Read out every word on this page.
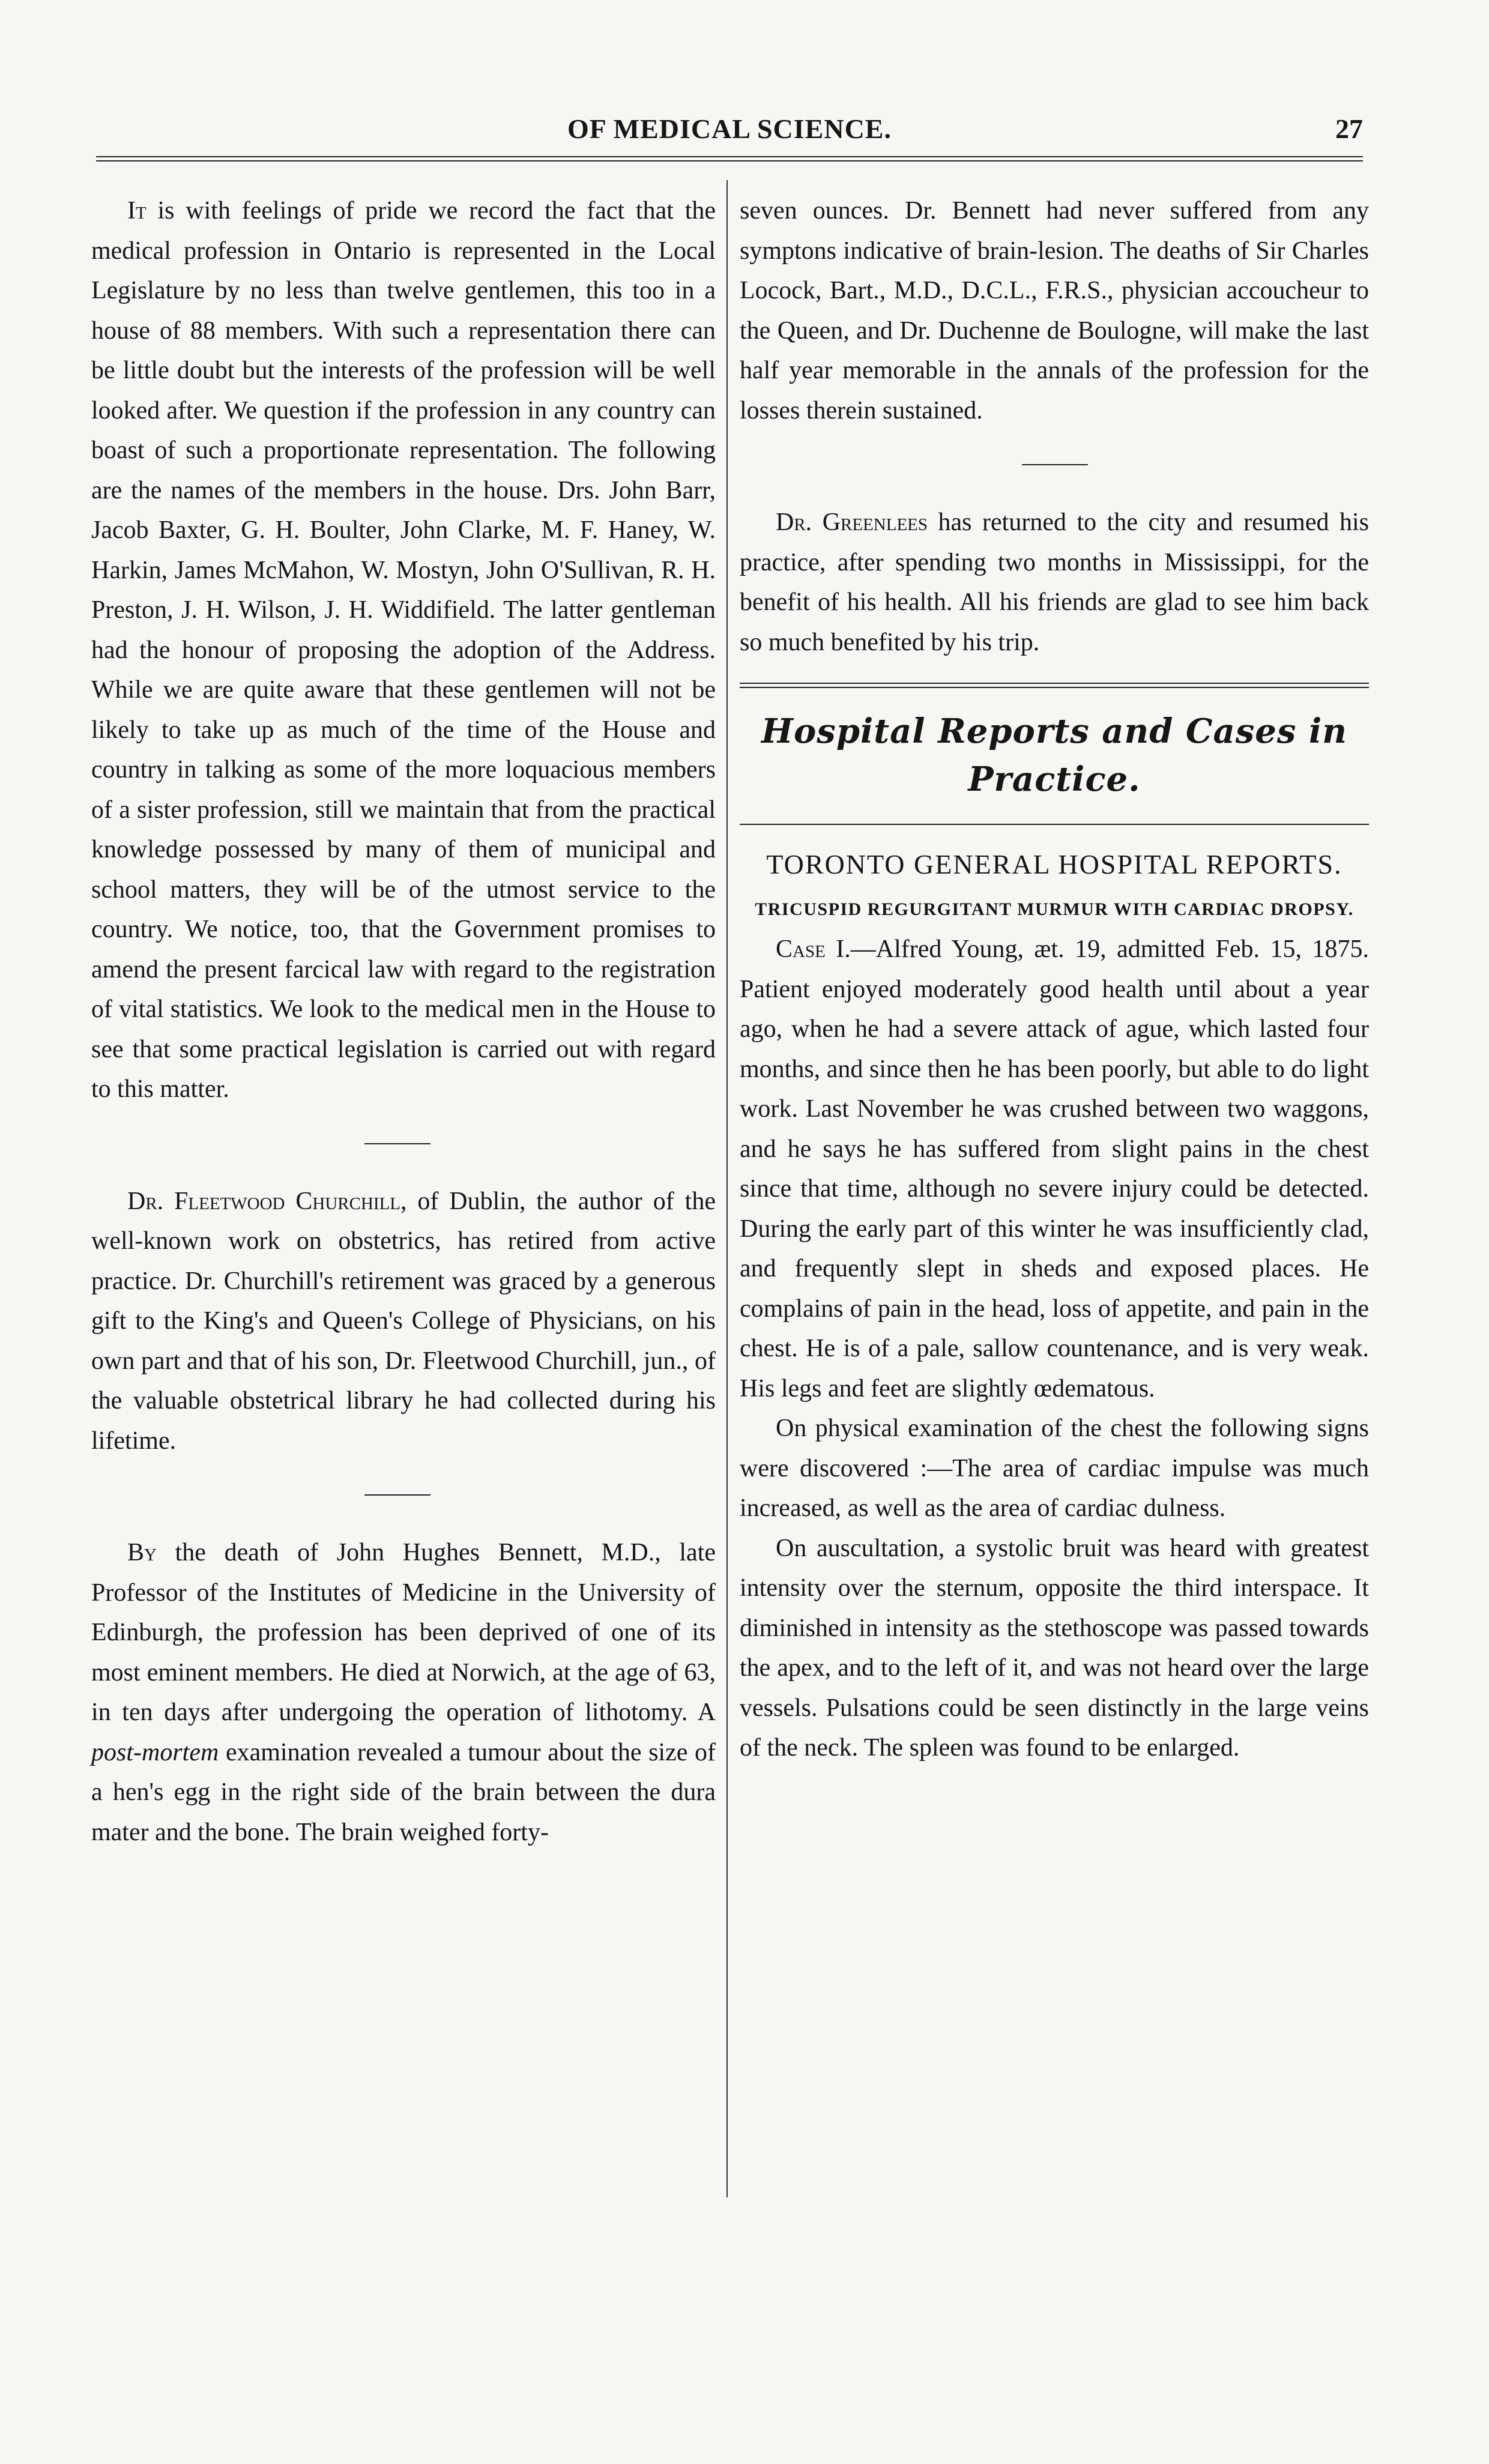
OF MEDICAL SCIENCE.	27

It is with feelings of pride we record the fact that the medical profession in Ontario is represented in the Local Legislature by no less than twelve gentlemen, this too in a house of 88 members. With such a representation there can be little doubt but the interests of the profession will be well looked after. We question if the profession in any country can boast of such a proportionate representation. The following are the names of the members in the house. Drs. John Barr, Jacob Baxter, G. H. Boulter, John Clarke, M. F. Haney, W. Harkin, James McMahon, W. Mostyn, John O'Sullivan, R. H. Preston, J. H. Wilson, J. H. Widdifield. The latter gentleman had the honour of proposing the adoption of the Address. While we are quite aware that these gentlemen will not be likely to take up as much of the time of the House and country in talking as some of the more loquacious members of a sister profession, still we maintain that from the practical knowledge possessed by many of them of municipal and school matters, they will be of the utmost service to the country. We notice, too, that the Government promises to amend the present farcical law with regard to the registration of vital statistics. We look to the medical men in the House to see that some practical legislation is carried out with regard to this matter.

Dr. Fleetwood Churchill, of Dublin, the author of the well-known work on obstetrics, has retired from active practice. Dr. Churchill's retirement was graced by a generous gift to the King's and Queen's College of Physicians, on his own part and that of his son, Dr. Fleetwood Churchill, jun., of the valuable obstetrical library he had collected during his lifetime.

By the death of John Hughes Bennett, M.D., late Professor of the Institutes of Medicine in the University of Edinburgh, the profession has been deprived of one of its most eminent members. He died at Norwich, at the age of 63, in ten days after undergoing the operation of lithotomy. A post-mortem examination revealed a tumour about the size of a hen's egg in the right side of the brain between the dura mater and the bone. The brain weighed forty-

seven ounces. Dr. Bennett had never suffered from any symptons indicative of brain-lesion. The deaths of Sir Charles Locock, Bart., M.D., D.C.L., F.R.S., physician accoucheur to the Queen, and Dr. Duchenne de Boulogne, will make the last half year memorable in the annals of the profession for the losses therein sustained.

Dr. Greenlees has returned to the city and resumed his practice, after spending two months in Mississippi, for the benefit of his health. All his friends are glad to see him back so much benefited by his trip.

Hospital Reports and Cases in Practice.
TORONTO GENERAL HOSPITAL REPORTS.
TRICUSPID REGURGITANT MURMUR WITH CARDIAC DROPSY.

Case I.—Alfred Young, æt. 19, admitted Feb. 15, 1875. Patient enjoyed moderately good health until about a year ago, when he had a severe attack of ague, which lasted four months, and since then he has been poorly, but able to do light work. Last November he was crushed between two waggons, and he says he has suffered from slight pains in the chest since that time, although no severe injury could be detected. During the early part of this winter he was insufficiently clad, and frequently slept in sheds and exposed places. He complains of pain in the head, loss of appetite, and pain in the chest. He is of a pale, sallow countenance, and is very weak. His legs and feet are slightly œdematous.

On physical examination of the chest the following signs were discovered :—The area of cardiac impulse was much increased, as well as the area of cardiac dulness.

On auscultation, a systolic bruit was heard with greatest intensity over the sternum, opposite the third interspace. It diminished in intensity as the stethoscope was passed towards the apex, and to the left of it, and was not heard over the large vessels. Pulsations could be seen distinctly in the large veins of the neck. The spleen was found to be enlarged.
